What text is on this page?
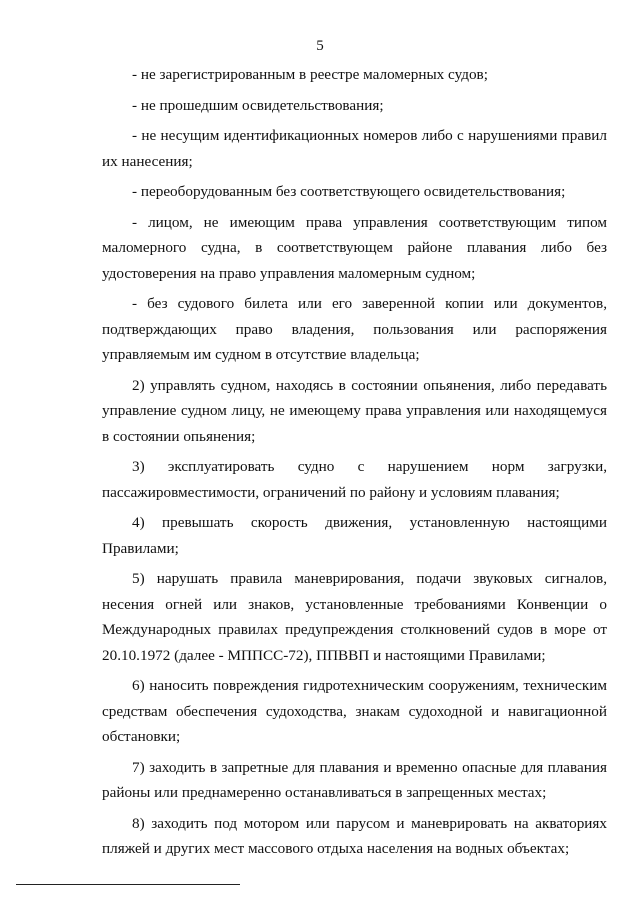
5

- не зарегистрированным в реестре маломерных судов;

- не прошедшим освидетельствования;

- не несущим идентификационных номеров либо с нарушениями правил их нанесения;

- переоборудованным без соответствующего освидетельствования;

- лицом, не имеющим права управления соответствующим типом маломерного судна, в соответствующем районе плавания либо без удостоверения на право управления маломерным судном;

- без судового билета или его заверенной копии или документов, подтверждающих право владения, пользования или распоряжения управляемым им судном в отсутствие владельца;

2) управлять судном, находясь в состоянии опьянения, либо передавать управление судном лицу, не имеющему права управления или находящемуся в состоянии опьянения;

3) эксплуатировать судно с нарушением норм загрузки, пассажировместимости, ограничений по району и условиям плавания;

4) превышать скорость движения, установленную настоящими Правилами;

5) нарушать правила маневрирования, подачи звуковых сигналов, несения огней или знаков, установленные требованиями Конвенции о Международных правилах предупреждения столкновений судов в море от 20.10.1972 (далее - МППСС-72), ППВВП и настоящими Правилами;

6) наносить повреждения гидротехническим сооружениям, техническим средствам обеспечения судоходства, знакам судоходной и навигационной обстановки;

7) заходить в запретные для плавания и временно опасные для плавания районы или преднамеренно останавливаться в запрещенных местах;

8) заходить под мотором или парусом и маневрировать на акваториях пляжей и других мест массового отдыха населения на водных объектах;
